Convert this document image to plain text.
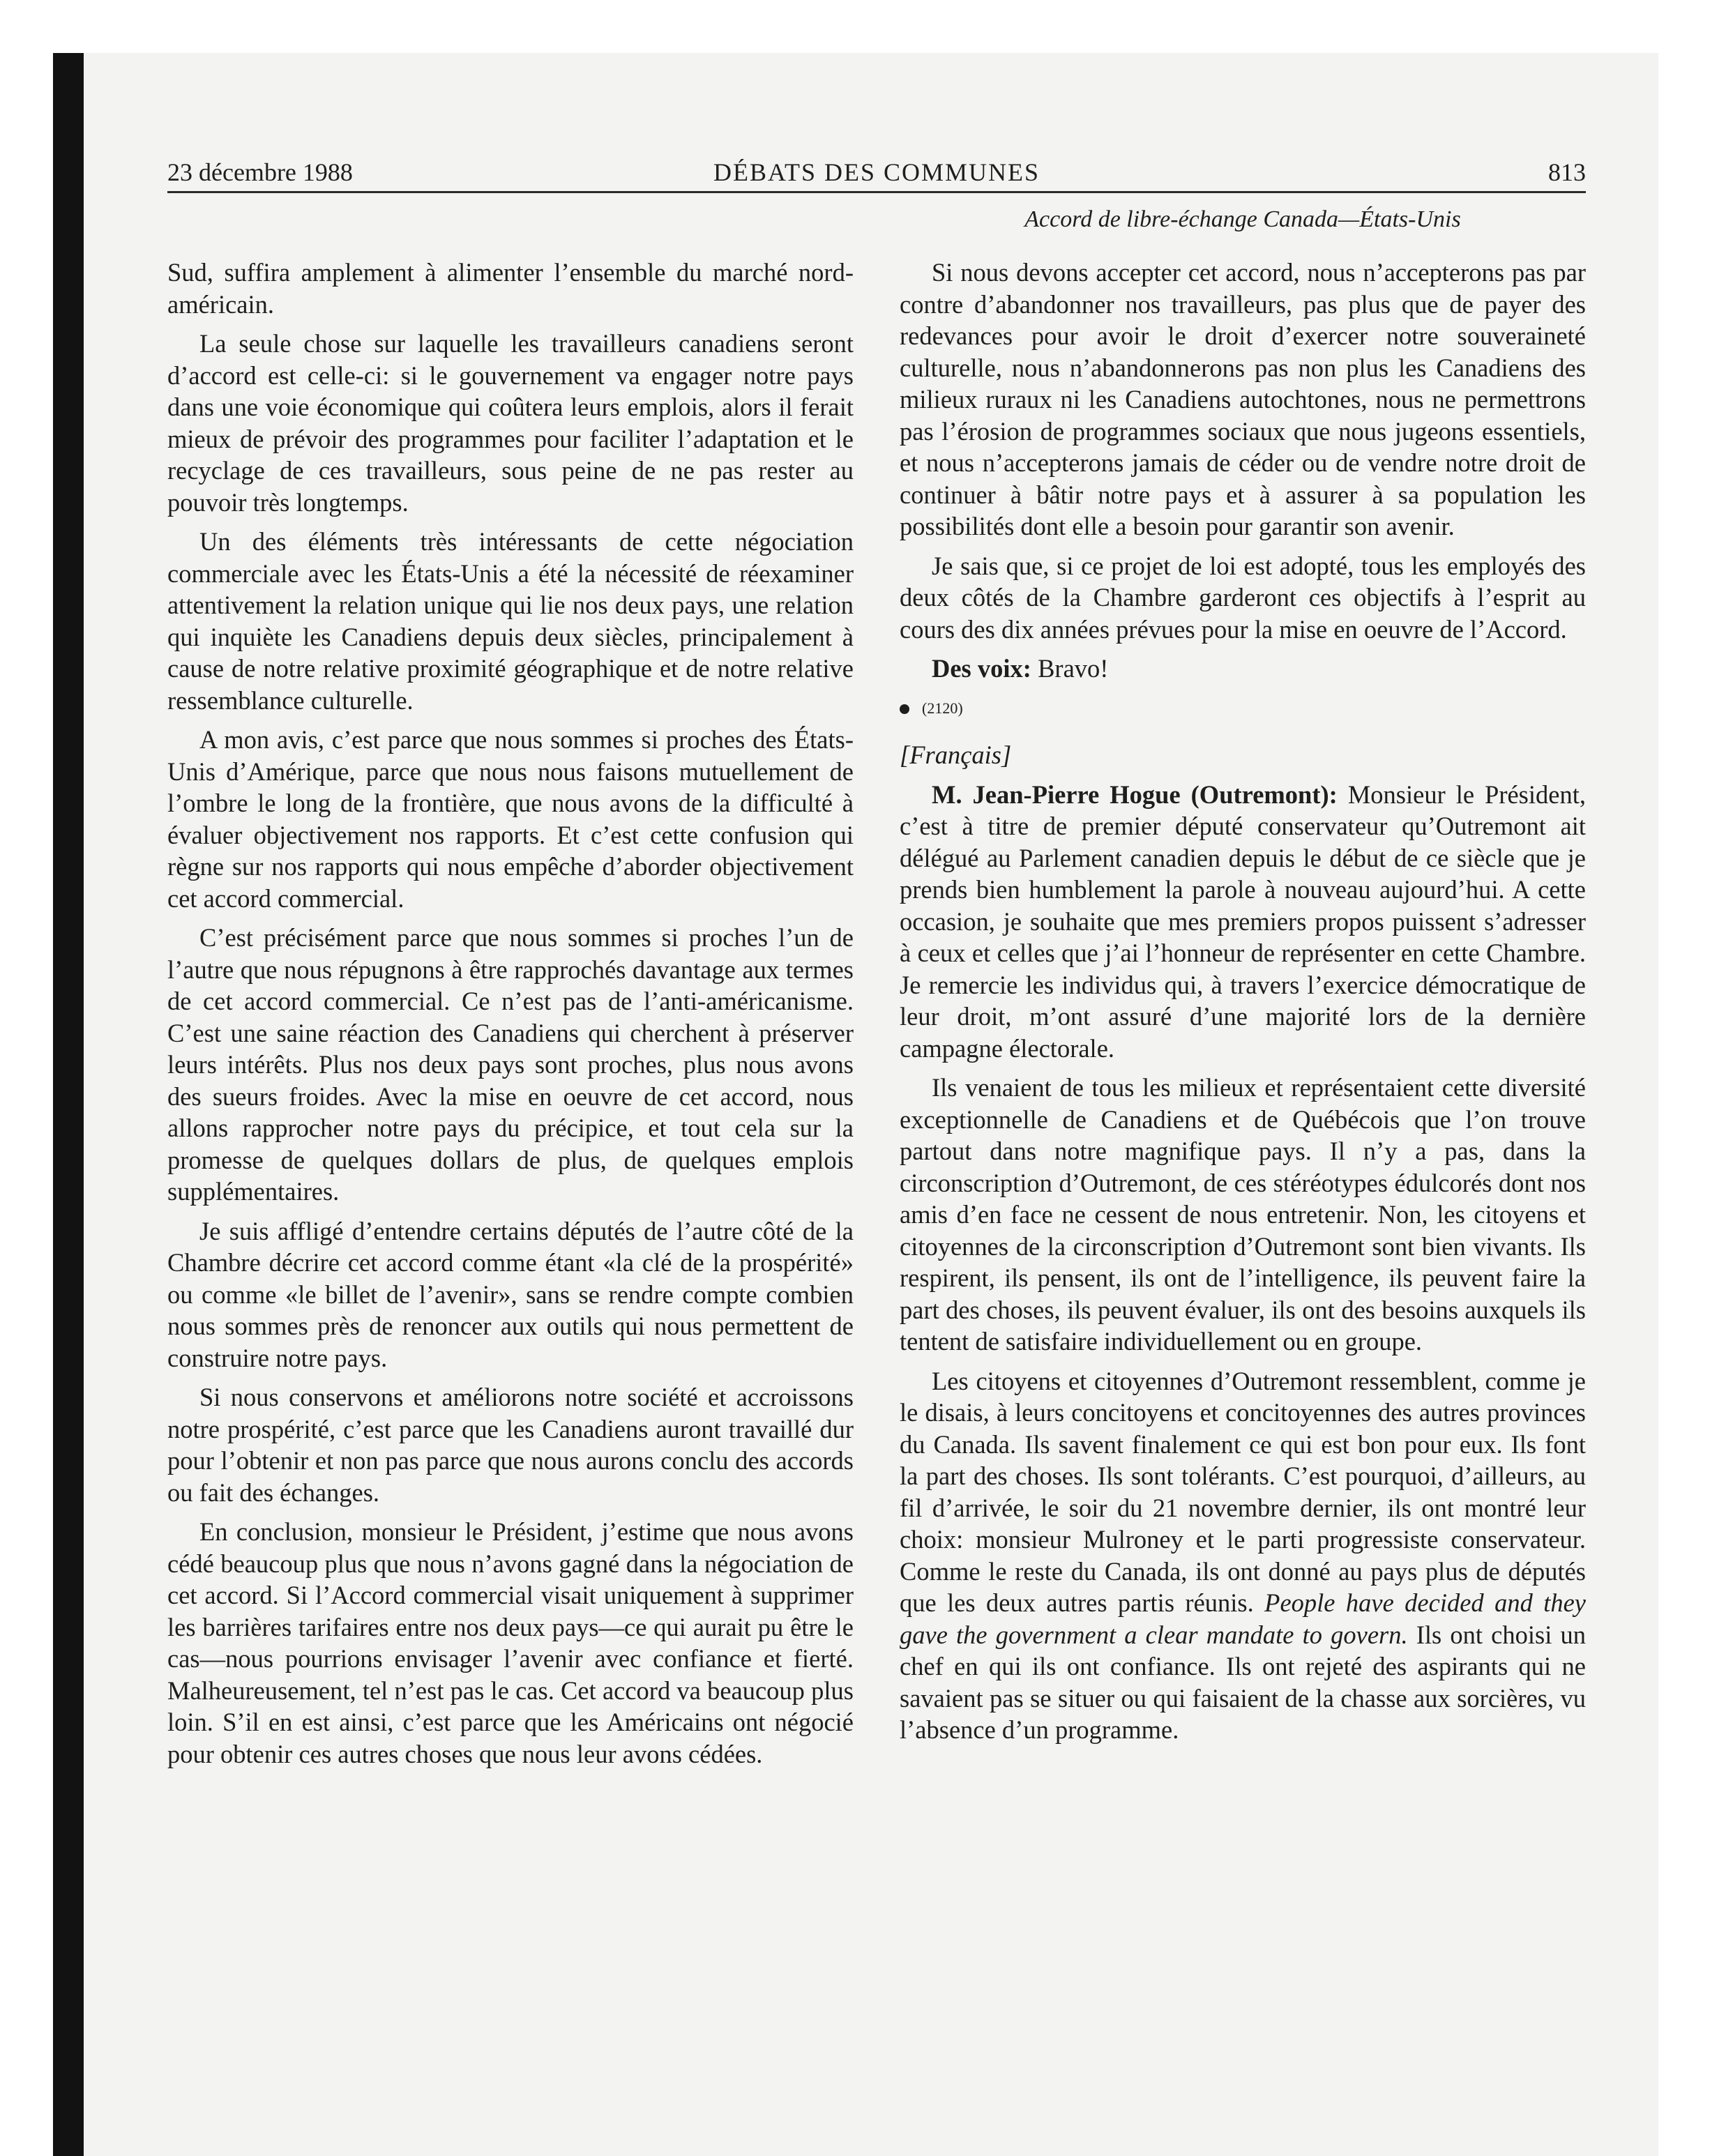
23 décembre 1988	DÉBATS DES COMMUNES	813
Accord de libre-échange Canada—États-Unis

Sud, suffira amplement à alimenter l’ensemble du marché nord-américain.

La seule chose sur laquelle les travailleurs canadiens seront d’accord est celle-ci: si le gouvernement va engager notre pays dans une voie économique qui coûtera leurs emplois, alors il ferait mieux de prévoir des programmes pour faciliter l’adaptation et le recyclage de ces travailleurs, sous peine de ne pas rester au pouvoir très longtemps.

Un des éléments très intéressants de cette négociation commerciale avec les États-Unis a été la nécessité de réexaminer attentivement la relation unique qui lie nos deux pays, une relation qui inquiète les Canadiens depuis deux siècles, principalement à cause de notre relative proximité géographique et de notre relative ressemblance culturelle.

A mon avis, c’est parce que nous sommes si proches des États-Unis d’Amérique, parce que nous nous faisons mutuellement de l’ombre le long de la frontière, que nous avons de la difficulté à évaluer objectivement nos rapports. Et c’est cette confusion qui règne sur nos rapports qui nous empêche d’aborder objectivement cet accord commercial.

C’est précisément parce que nous sommes si proches l’un de l’autre que nous répugnons à être rapprochés davantage aux termes de cet accord commercial. Ce n’est pas de l’anti-américanisme. C’est une saine réaction des Canadiens qui cherchent à préserver leurs intérêts. Plus nos deux pays sont proches, plus nous avons des sueurs froides. Avec la mise en oeuvre de cet accord, nous allons rapprocher notre pays du précipice, et tout cela sur la promesse de quelques dollars de plus, de quelques emplois supplémentaires.

Je suis affligé d’entendre certains députés de l’autre côté de la Chambre décrire cet accord comme étant «la clé de la prospérité» ou comme «le billet de l’avenir», sans se rendre compte combien nous sommes près de renoncer aux outils qui nous permettent de construire notre pays.

Si nous conservons et améliorons notre société et accroissons notre prospérité, c’est parce que les Canadiens auront travaillé dur pour l’obtenir et non pas parce que nous aurons conclu des accords ou fait des échanges.

En conclusion, monsieur le Président, j’estime que nous avons cédé beaucoup plus que nous n’avons gagné dans la négociation de cet accord. Si l’Accord commercial visait uniquement à supprimer les barrières tarifaires entre nos deux pays—ce qui aurait pu être le cas—nous pourrions envisager l’avenir avec confiance et fierté. Malheureusement, tel n’est pas le cas. Cet accord va beaucoup plus loin. S’il en est ainsi, c’est parce que les Américains ont négocié pour obtenir ces autres choses que nous leur avons cédées.

Si nous devons accepter cet accord, nous n’accepterons pas par contre d’abandonner nos travailleurs, pas plus que de payer des redevances pour avoir le droit d’exercer notre souveraineté culturelle, nous n’abandonnerons pas non plus les Canadiens des milieux ruraux ni les Canadiens autochtones, nous ne permettrons pas l’érosion de programmes sociaux que nous jugeons essentiels, et nous n’accepterons jamais de céder ou de vendre notre droit de continuer à bâtir notre pays et à assurer à sa population les possibilités dont elle a besoin pour garantir son avenir.

Je sais que, si ce projet de loi est adopté, tous les employés des deux côtés de la Chambre garderont ces objectifs à l’esprit au cours des dix années prévues pour la mise en oeuvre de l’Accord.

Des voix: Bravo!

(2120)

[Français]

M. Jean-Pierre Hogue (Outremont): Monsieur le Président, c’est à titre de premier député conservateur qu’Outremont ait délégué au Parlement canadien depuis le début de ce siècle que je prends bien humblement la parole à nouveau aujourd’hui. A cette occasion, je souhaite que mes premiers propos puissent s’adresser à ceux et celles que j’ai l’honneur de représenter en cette Chambre. Je remercie les individus qui, à travers l’exercice démocratique de leur droit, m’ont assuré d’une majorité lors de la dernière campagne électorale.

Ils venaient de tous les milieux et représentaient cette diversité exceptionnelle de Canadiens et de Québécois que l’on trouve partout dans notre magnifique pays. Il n’y a pas, dans la circonscription d’Outremont, de ces stéréotypes édulcorés dont nos amis d’en face ne cessent de nous entretenir. Non, les citoyens et citoyennes de la circonscription d’Outremont sont bien vivants. Ils respirent, ils pensent, ils ont de l’intelligence, ils peuvent faire la part des choses, ils peuvent évaluer, ils ont des besoins auxquels ils tentent de satisfaire individuellement ou en groupe.

Les citoyens et citoyennes d’Outremont ressemblent, comme je le disais, à leurs concitoyens et concitoyennes des autres provinces du Canada. Ils savent finalement ce qui est bon pour eux. Ils font la part des choses. Ils sont tolérants. C’est pourquoi, d’ailleurs, au fil d’arrivée, le soir du 21 novembre dernier, ils ont montré leur choix: monsieur Mulroney et le parti progressiste conservateur. Comme le reste du Canada, ils ont donné au pays plus de députés que les deux autres partis réunis. People have decided and they gave the government a clear mandate to govern. Ils ont choisi un chef en qui ils ont confiance. Ils ont rejeté des aspirants qui ne savaient pas se situer ou qui faisaient de la chasse aux sorcières, vu l’absence d’un programme.
